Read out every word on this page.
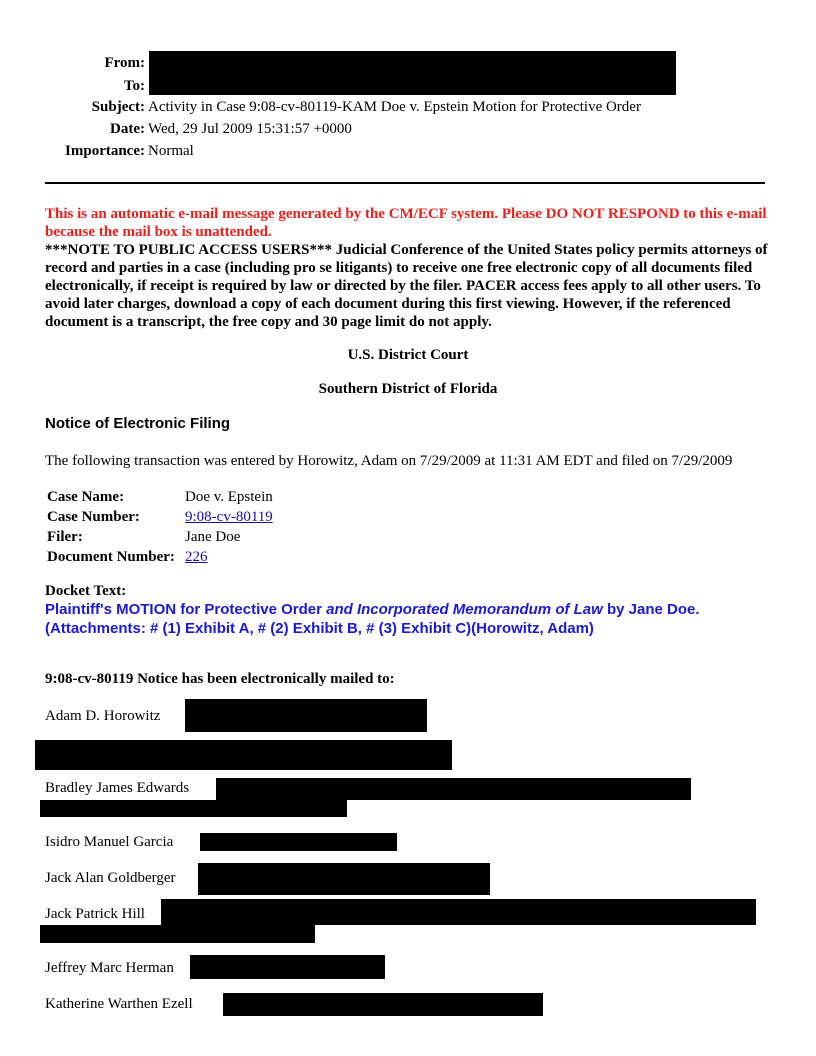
From:
To:
Subject: Activity in Case 9:08-cv-80119-KAM Doe v. Epstein Motion for Protective Order
Date: Wed, 29 Jul 2009 15:31:57 +0000
Importance: Normal
This is an automatic e-mail message generated by the CM/ECF system. Please DO NOT RESPOND to this e-mail because the mail box is unattended.
***NOTE TO PUBLIC ACCESS USERS*** Judicial Conference of the United States policy permits attorneys of record and parties in a case (including pro se litigants) to receive one free electronic copy of all documents filed electronically, if receipt is required by law or directed by the filer. PACER access fees apply to all other users. To avoid later charges, download a copy of each document during this first viewing. However, if the referenced document is a transcript, the free copy and 30 page limit do not apply.
U.S. District Court
Southern District of Florida
Notice of Electronic Filing
The following transaction was entered by Horowitz, Adam on 7/29/2009 at 11:31 AM EDT and filed on 7/29/2009
Case Name:	Doe v. Epstein
Case Number:	9:08-cv-80119
Filer:	Jane Doe
Document Number: 226
Docket Text:
Plaintiff's MOTION for Protective Order and Incorporated Memorandum of Law by Jane Doe. (Attachments: # (1) Exhibit A, # (2) Exhibit B, # (3) Exhibit C)(Horowitz, Adam)
9:08-cv-80119 Notice has been electronically mailed to:
Adam D. Horowitz
Bradley James Edwards
Isidro Manuel Garcia
Jack Alan Goldberger
Jack Patrick Hill
Jeffrey Marc Herman
Katherine Warthen Ezell
